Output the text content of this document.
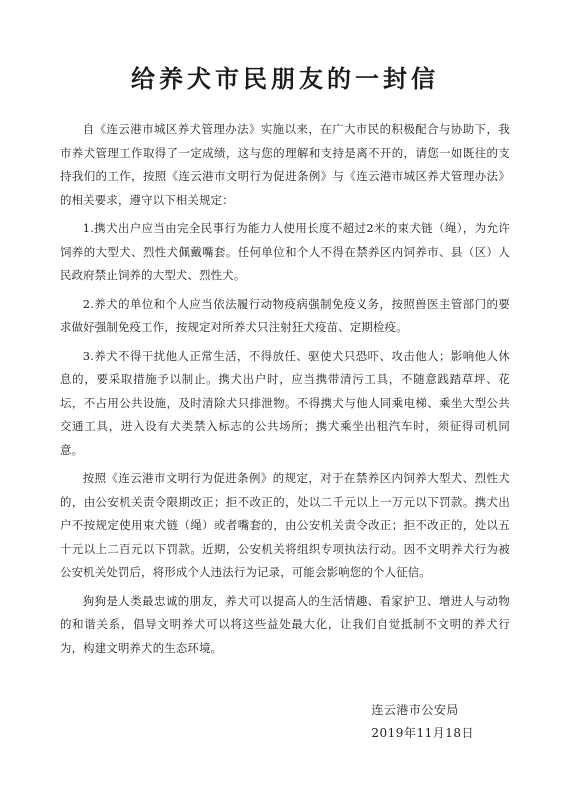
给养犬市民朋友的一封信

自《连云港市城区养犬管理办法》实施以来，在广大市民的积极配合与协助下，我市养犬管理工作取得了一定成绩，这与您的理解和支持是离不开的，请您一如既往的支持我们的工作，按照《连云港市文明行为促进条例》与《连云港市城区养犬管理办法》的相关要求，遵守以下相关规定：

1.携犬出户应当由完全民事行为能力人使用长度不超过2米的束犬链（绳），为允许饲养的大型犬、烈性犬佩戴嘴套。任何单位和个人不得在禁养区内饲养市、县（区）人民政府禁止饲养的大型犬、烈性犬。

2.养犬的单位和个人应当依法履行动物疫病强制免疫义务，按照兽医主管部门的要求做好强制免疫工作，按规定对所养犬只注射狂犬疫苗、定期检疫。

3.养犬不得干扰他人正常生活，不得放任、驱使犬只恐吓、攻击他人；影响他人休息的，要采取措施予以制止。携犬出户时，应当携带清污工具，不随意践踏草坪、花坛，不占用公共设施，及时清除犬只排泄物。不得携犬与他人同乘电梯、乘坐大型公共交通工具，进入设有犬类禁入标志的公共场所；携犬乘坐出租汽车时，须征得司机同意。

按照《连云港市文明行为促进条例》的规定，对于在禁养区内饲养大型犬、烈性犬的，由公安机关责令限期改正；拒不改正的，处以二千元以上一万元以下罚款。携犬出户不按规定使用束犬链（绳）或者嘴套的，由公安机关责令改正；拒不改正的，处以五十元以上二百元以下罚款。近期，公安机关将组织专项执法行动。因不文明养犬行为被公安机关处罚后，将形成个人违法行为记录，可能会影响您的个人征信。

狗狗是人类最忠诚的朋友，养犬可以提高人的生活情趣、看家护卫、增进人与动物的和谐关系，倡导文明养犬可以将这些益处最大化，让我们自觉抵制不文明的养犬行为，构建文明养犬的生态环境。

连云港市公安局
2019年11月18日
